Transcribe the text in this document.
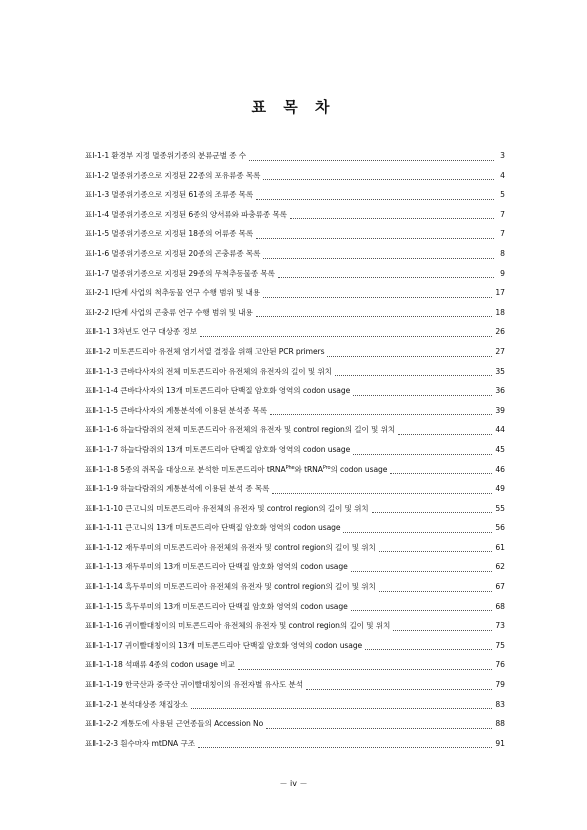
표 목 차
표Ⅰ-1-1 환경부 지정 멸종위기종의 분류군별 종 수	3
표Ⅰ-1-2 멸종위기종으로 지정된 22종의 포유류종 목록	4
표Ⅰ-1-3 멸종위기종으로 지정된 61종의 조류종 목록	5
표Ⅰ-1-4 멸종위기종으로 지정된 6종의 양서류와 파충류종 목록	7
표Ⅰ-1-5 멸종위기종으로 지정된 18종의 어류종 목록	7
표Ⅰ-1-6 멸종위기종으로 지정된 20종의 곤충류종 목록	8
표Ⅰ-1-7 멸종위기종으로 지정된 29종의 무척추동물종 목록	9
표Ⅰ-2-1 I단계 사업의 척추동물 연구 수행 범위 및 내용	17
표Ⅰ-2-2 I단계 사업의 곤충류 연구 수행 범위 및 내용	18
표Ⅱ-1-1 3차년도 연구 대상종 정보	26
표Ⅱ-1-2 미토콘드리아 유전체 염기서열 결정을 위해 고안된 PCR primers	27
표Ⅱ-1-1-3 큰바다사자의 전체 미토콘드리아 유전체의 유전자의 길이 및 위치	35
표Ⅱ-1-1-4 큰바다사자의 13개 미토콘드리아 단백질 암호화 영역의 codon usage	36
표Ⅱ-1-1-5 큰바다사자의 계통분석에 이용된 분석종 목록	39
표Ⅱ-1-1-6 하늘다람쥐의 전체 미토콘드리아 유전체의 유전자 및 control region의 길이 및 위치	44
표Ⅱ-1-1-7 하늘다람쥐의 13개 미토콘드리아 단백질 암호화 영역의 codon usage	45
표Ⅱ-1-1-8 5종의 쥐목을 대상으로 분석한 미토콘드리아 tRNA$^{Phe}$와 tRNA$^{Pro}$의 codon usage	46
표Ⅱ-1-1-9 하늘다람쥐의 계통분석에 이용된 분석 종 목록	49
표Ⅱ-1-1-10 큰고니의 미토콘드리아 유전체의 유전자 및 control region의 길이 및 위치	55
표Ⅱ-1-1-11 큰고니의 13개 미토콘드리아 단백질 암호화 영역의 codon usage	56
표Ⅱ-1-1-12 재두루미의 미토콘드리아 유전체의 유전자 및 control region의 길이 및 위치	61
표Ⅱ-1-1-13 재두루미의 13개 미토콘드리아 단백질 암호화 영역의 codon usage	62
표Ⅱ-1-1-14 흑두루미의 미토콘드리아 유전체의 유전자 및 control region의 길이 및 위치	67
표Ⅱ-1-1-15 흑두루미의 13개 미토콘드리아 단백질 암호화 영역의 codon usage	68
표Ⅱ-1-1-16 귀이빨대칭이의 미토콘드리아 유전체의 유전자 및 control region의 길이 및 위치	73
표Ⅱ-1-1-17 귀이빨대칭이의 13개 미토콘드리아 단백질 암호화 영역의 codon usage	75
표Ⅱ-1-1-18 석패류 4종의 codon usage 비교	76
표Ⅱ-1-1-19 한국산과 중국산 귀이빨대칭이의 유전자별 유사도 분석	79
표Ⅱ-1-2-1 분석대상종 채집장소	83
표Ⅱ-1-2-2 계통도에 사용된 근연종들의 Accession No	88
표Ⅱ-1-2-3 흰수마자 mtDNA 구조	91
－ iv －
